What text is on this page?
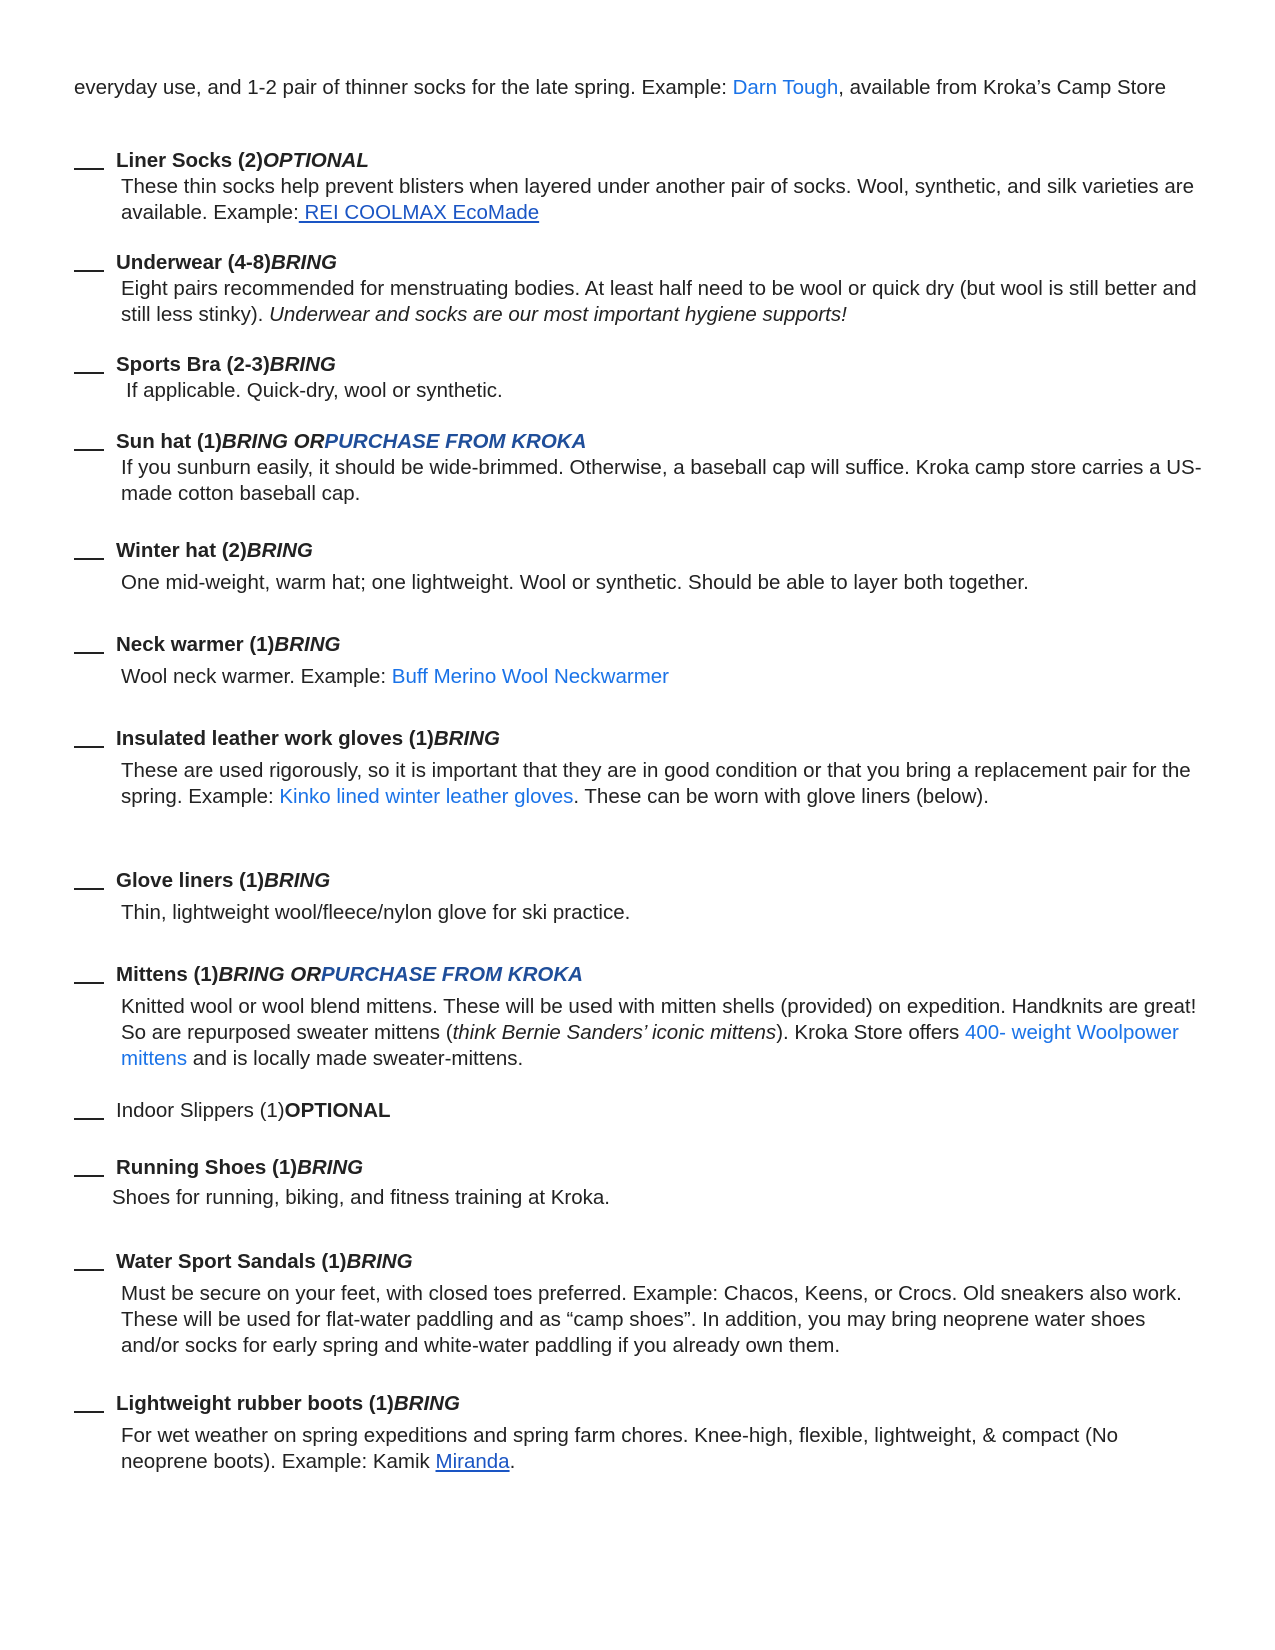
everyday use, and 1-2 pair of thinner socks for the late spring. Example: Darn Tough, available from Kroka’s Camp Store
Liner Socks (2) OPTIONAL
These thin socks help prevent blisters when layered under another pair of socks. Wool, synthetic, and silk varieties are available. Example: REI COOLMAX EcoMade
Underwear (4-8) BRING
Eight pairs recommended for menstruating bodies. At least half need to be wool or quick dry (but wool is still better and still less stinky). Underwear and socks are our most important hygiene supports!
Sports Bra (2-3) BRING
If applicable. Quick-dry, wool or synthetic.
Sun hat (1) BRING OR PURCHASE FROM KROKA
If you sunburn easily, it should be wide-brimmed. Otherwise, a baseball cap will suffice. Kroka camp store carries a US-made cotton baseball cap.
Winter hat (2) BRING
One mid-weight, warm hat; one lightweight. Wool or synthetic. Should be able to layer both together.
Neck warmer (1) BRING
Wool neck warmer. Example: Buff Merino Wool Neckwarmer
Insulated leather work gloves (1) BRING
These are used rigorously, so it is important that they are in good condition or that you bring a replacement pair for the spring. Example: Kinko lined winter leather gloves. These can be worn with glove liners (below).
Glove liners (1) BRING
Thin, lightweight wool/fleece/nylon glove for ski practice.
Mittens (1) BRING OR PURCHASE FROM KROKA
Knitted wool or wool blend mittens. These will be used with mitten shells (provided) on expedition. Handknits are great! So are repurposed sweater mittens (think Bernie Sanders’ iconic mittens). Kroka Store offers 400- weight Woolpower mittens and is locally made sweater-mittens.
Indoor Slippers (1) OPTIONAL
Running Shoes (1) BRING
Shoes for running, biking, and fitness training at Kroka.
Water Sport Sandals (1) BRING
Must be secure on your feet, with closed toes preferred. Example: Chacos, Keens, or Crocs. Old sneakers also work. These will be used for flat-water paddling and as “camp shoes”. In addition, you may bring neoprene water shoes and/or socks for early spring and white-water paddling if you already own them.
Lightweight rubber boots (1) BRING
For wet weather on spring expeditions and spring farm chores. Knee-high, flexible, lightweight, & compact (No neoprene boots). Example: Kamik Miranda.
